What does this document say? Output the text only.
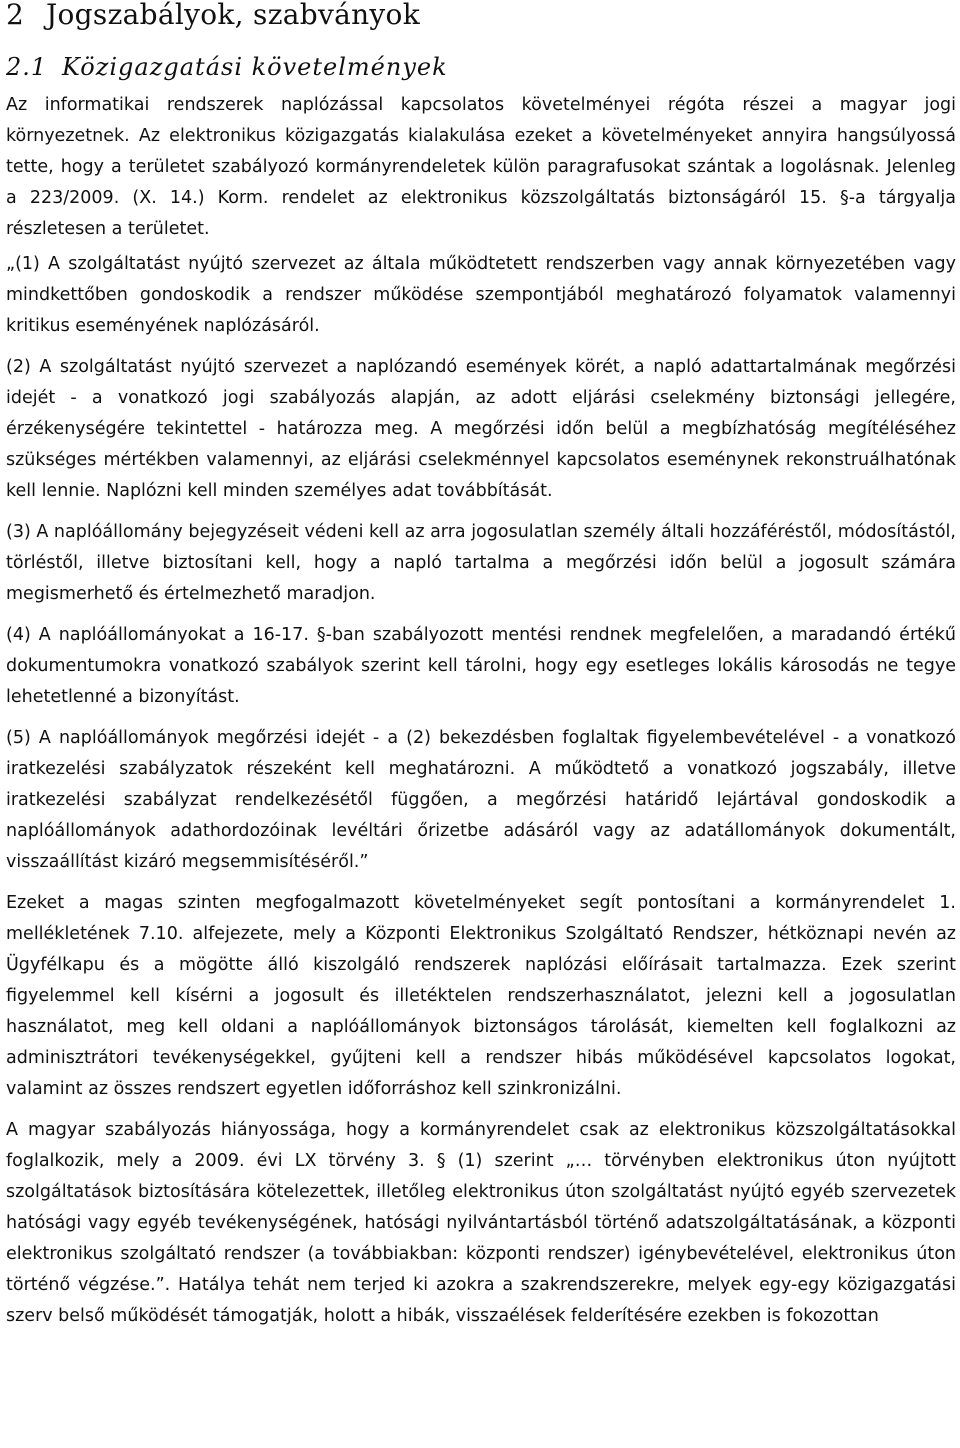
2 Jogszabályok, szabványok
2.1 Közigazgatási követelmények

Az informatikai rendszerek naplózással kapcsolatos követelményei régóta részei a magyar jogi környezetnek. Az elektronikus közigazgatás kialakulása ezeket a követelményeket annyira hangsúlyossá tette, hogy a területet szabályozó kormányrendeletek külön paragrafusokat szántak a logolásnak. Jelenleg a 223/2009. (X. 14.) Korm. rendelet az elektronikus közszolgáltatás biztonságáról 15. §-a tárgyalja részletesen a területet.

„(1) A szolgáltatást nyújtó szervezet az általa működtetett rendszerben vagy annak környezetében vagy mindkettőben gondoskodik a rendszer működése szempontjából meghatározó folyamatok valamennyi kritikus eseményének naplózásáról.

(2) A szolgáltatást nyújtó szervezet a naplózandó események körét, a napló adattartalmának megőrzési idejét - a vonatkozó jogi szabályozás alapján, az adott eljárási cselekmény biztonsági jellegére, érzékenységére tekintettel - határozza meg. A megőrzési időn belül a megbízhatóság megítéléséhez szükséges mértékben valamennyi, az eljárási cselekménnyel kapcsolatos eseménynek rekonstruálhatónak kell lennie. Naplózni kell minden személyes adat továbbítását.

(3) A naplóállomány bejegyzéseit védeni kell az arra jogosulatlan személy általi hozzáféréstől, módosítástól, törléstől, illetve biztosítani kell, hogy a napló tartalma a megőrzési időn belül a jogosult számára megismerhető és értelmezhető maradjon.

(4) A naplóállományokat a 16-17. §-ban szabályozott mentési rendnek megfelelően, a maradandó értékű dokumentumokra vonatkozó szabályok szerint kell tárolni, hogy egy esetleges lokális károsodás ne tegye lehetetlenné a bizonyítást.

(5) A naplóállományok megőrzési idejét - a (2) bekezdésben foglaltak figyelembevételével - a vonatkozó iratkezelési szabályzatok részeként kell meghatározni. A működtető a vonatkozó jogszabály, illetve iratkezelési szabályzat rendelkezésétől függően, a megőrzési határidő lejártával gondoskodik a naplóállományok adathordozóinak levéltári őrizetbe adásáról vagy az adatállományok dokumentált, visszaállítást kizáró megsemmisítéséről.”

Ezeket a magas szinten megfogalmazott követelményeket segít pontosítani a kormányrendelet 1. mellékletének 7.10. alfejezete, mely a Központi Elektronikus Szolgáltató Rendszer, hétköznapi nevén az Ügyfélkapu és a mögötte álló kiszolgáló rendszerek naplózási előírásait tartalmazza. Ezek szerint figyelemmel kell kísérni a jogosult és illetéktelen rendszerhasználatot, jelezni kell a jogosulatlan használatot, meg kell oldani a naplóállományok biztonságos tárolását, kiemelten kell foglalkozni az adminisztrátori tevékenységekkel, gyűjteni kell a rendszer hibás működésével kapcsolatos logokat, valamint az összes rendszert egyetlen időforráshoz kell szinkronizálni.

A magyar szabályozás hiányossága, hogy a kormányrendelet csak az elektronikus közszolgáltatásokkal foglalkozik, mely a 2009. évi LX törvény 3. § (1) szerint „… törvényben elektronikus úton nyújtott szolgáltatások biztosítására kötelezettek, illetőleg elektronikus úton szolgáltatást nyújtó egyéb szervezetek hatósági vagy egyéb tevékenységének, hatósági nyilvántartásból történő adatszolgáltatásának, a központi elektronikus szolgáltató rendszer (a továbbiakban: központi rendszer) igénybevételével, elektronikus úton történő végzése.”. Hatálya tehát nem terjed ki azokra a szakrendszerekre, melyek egy-egy közigazgatási szerv belső működését támogatják, holott a hibák, visszaélések felderítésére ezekben is fokozottan
